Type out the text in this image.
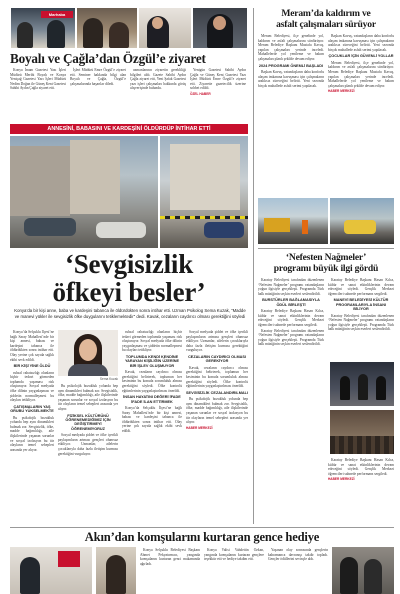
Marhaba
Boyalı ve Çağla’dan Özgül’e ziyaret

Konya İmam Gazetesi Yazı İşleri Müdürü Merihi Boyalı ve Konya Yeniçağ Gazetesi Yazı İşleri Müdürü Nedim Doğan ile Güneş Kent Gazetesi Sahibi Aydın Çağla ziyaret etti.

İşleri Müdürü Emre Özgül’e ziyaret etti. Seminer hakkında bilgi alan Boyalı ve Çağla, Özgül’e çalışmalarında başarılar diledi.

uzmanlarının ziyaretin gerekliliği bilgileri aldı. Gazete Sahibi Aydın Çağla ziyaret etti, Yeni Şafak Gazetesi yazı işleri çalışmaları hakkında görüş alışverişinde bulundu.

Yenigün Gazetesi Sahibi Aydın Çağla ve Güneş Kent Gazetesi Yazı İşleri Müdürü Emre Özgül’e ziyaret etti. Ziyarette gazetecilik üzerine sohbet edildi.

ÖZEL HABER
ANNESİNİ, BABASINI VE KARDEŞİNİ ÖLDÜRDÜP İNTİHAR ETTİ
‘Sevgisizlik
öfkeyi besler’
Konya’da bir kişi anne, baba ve kardeşini tabanca ile öldürdükten sonra intihar etti. Uzman Psikolog Sema Kuzak, “Madde ve manevi yükler ile sevgisizlik öfke duygularını tetiklemektedir” dedi. Kavak, cezaların caydırıcı olması gerektiğini söyledi

Konya’da Selçuklu İlçesi’ne bağlı Saray Mahallesi’nde bir kişi annesi, babası ve kardeşini tabanca ile öldürdükten sonra intihar etti. Olay yerine çok sayıda sağlık ekibi sevk edildi.

BİR KİŞİ YİNE ÖLDÜ

ruhsal rahatsızlığı olanların hiçbir tedavi görmeden toplumda yaşaması risk oluşturuyor. Sosyal medyada öfke dilinin yaygınlaşması ve şiddetin normalleşmesi bu olayları tetikliyor.

ÇATIŞMALARIN YAŞ GRUBU YÜKSELMEKTE

Bu psikolojik bozukluk yolunda hep aynı dinamikleri bulmak zor. Sevgisizlik, öfke, madde bağımlılığı, aile ilişkilerinde yaşanan sorunlar ve sosyal izolasyon bu tür olayların temel sebepleri arasında yer alıyor.

Sema Kuzak

Bu psikolojik bozukluk yolunda hep aynı dinamikleri bulmak zor. Sevgisizlik, öfke, madde bağımlılığı, aile ilişkilerinde yaşanan sorunlar ve sosyal izolasyon bu tür olayların temel sebepleri arasında yer alıyor.

FİZİKSEL KÜLTÜRÜNÜ ÖĞRENEMEDİĞİMİZ İÇİN DEĞİŞTİRMEYİ ÖĞRENEMİYORUZ

Sosyal medyada şiddet ve öfke içerikli paylaşımların artması gençleri olumsuz etkiliyor. Uzmanlar, ailelerin çocuklarıyla daha fazla iletişim kurması gerektiğini vurguluyor.

ruhsal rahatsızlığı olanların hiçbir tedavi görmeden toplumda yaşaması risk oluşturuyor. Sosyal medyada öfke dilinin yaygınlaşması ve şiddetin normalleşmesi bu olayları tetikliyor.

TOPLUMDA KENDİ KENDİNE YARAYAN KİŞİLİĞİN ÜZERİNE BİR İŞLEV OLUŞMUYOR

Kavak, cezaların caydırıcı olması gerektiğini belirterek, toplumun her kesiminin bu konuda sorumluluk alması gerektiğini söyledi. Öfke kontrolü eğitimlerinin yaygınlaştırılması önerildi.

İNSAN HAYATINI DEĞERİ İFADE İFADE İLAN ETTİRMEK

Konya’da Selçuklu İlçesi’ne bağlı Saray Mahallesi’nde bir kişi annesi, babası ve kardeşini tabanca ile öldürdükten sonra intihar etti. Olay yerine çok sayıda sağlık ekibi sevk edildi.

Sosyal medyada şiddet ve öfke içerikli paylaşımların artması gençleri olumsuz etkiliyor. Uzmanlar, ailelerin çocuklarıyla daha fazla iletişim kurması gerektiğini vurguluyor.

CEZALARIN CAYDIRICI OLMASI GEREKİYOR

Kavak, cezaların caydırıcı olması gerektiğini belirterek, toplumun her kesiminin bu konuda sorumluluk alması gerektiğini söyledi. Öfke kontrolü eğitimlerinin yaygınlaştırılması önerildi.

SEVGİSİZLİK CEZALANDIRILMALI

Bu psikolojik bozukluk yolunda hep aynı dinamikleri bulmak zor. Sevgisizlik, öfke, madde bağımlılığı, aile ilişkilerinde yaşanan sorunlar ve sosyal izolasyon bu tür olayların temel sebepleri arasında yer alıyor.

HABER MERKEZİ
Meram’da kaldırım ve
asfalt çalışmaları sürüyor

Meram Belediyesi, ilçe genelinde yol, kaldırım ve asfalt çalışmalarını sürdürüyor. Meram Belediye Başkanı Mustafa Kavuş, yapılan çalışmaları yerinde inceledi. Mahallelerde yol yenileme ve bakım çalışmaları planlı şekilde devam ediyor.

2024 PROGRAMI ÖNEMLİ BAŞLADI

Başkan Kavuş, vatandaşların daha konforlu ulaşım imkanına kavuşması için çalışmaların aralıksız süreceğini belirtti. Yeni sezonda birçok mahallede asfalt serimi yapılacak.

Başkan Kavuş, vatandaşların daha konforlu ulaşım imkanına kavuşması için çalışmaların aralıksız süreceğini belirtti. Yeni sezonda birçok mahallede asfalt serimi yapılacak.

ÇOCUKLAR İÇİN GÜVENLİ YOLLAR

Meram Belediyesi, ilçe genelinde yol, kaldırım ve asfalt çalışmalarını sürdürüyor. Meram Belediye Başkanı Mustafa Kavuş, yapılan çalışmaları yerinde inceledi. Mahallelerde yol yenileme ve bakım çalışmaları planlı şekilde devam ediyor.

HABER MERKEZİ
‘Nefesten Nağmeler’
programı büyük ilgi gördü

Karatay Belediyesi tarafından düzenlenen ‘Nefesten Nağmeler’ programı vatandaşların yoğun ilgisiyle gerçekleşti. Programda Türk halk müziğinin seçkin eserleri seslendirildi.

BURSTÜRLER BAĞLAMASIYLA ÖDÜL BİRLEŞTİ

Karatay Belediye Başkanı Hasan Kılca, kültür ve sanat etkinliklerinin devam edeceğini söyledi. Gençlik Merkezi öğrencileri sahnede performans sergiledi.

Karatay Belediyesi tarafından düzenlenen ‘Nefesten Nağmeler’ programı vatandaşların yoğun ilgisiyle gerçekleşti. Programda Türk halk müziğinin seçkin eserleri seslendirildi.

Karatay Belediye Başkanı Hasan Kılca, kültür ve sanat etkinliklerinin devam edeceğini söyledi. Gençlik Merkezi öğrencileri sahnede performans sergiledi.

MANEVİ BELEDİYESİ KÜLTÜR PROGRAMLARIYLA İNSANI BİLİYOR

Karatay Belediyesi tarafından düzenlenen ‘Nefesten Nağmeler’ programı vatandaşların yoğun ilgisiyle gerçekleşti. Programda Türk halk müziğinin seçkin eserleri seslendirildi.

Karatay Belediye Başkanı Hasan Kılca, kültür ve sanat etkinliklerinin devam edeceğini söyledi. Gençlik Merkezi öğrencileri sahnede performans sergiledi.

HABER MERKEZİ
Akın’dan komşularını kurtaran gence hediye

Konya Selçuklu Belediyesi Başkanı Ahmet Pekyatırmacı, yangında komşularını kurtaran genci makamında ağırladı.

Konya Valisi Vahdettin Özkan, yangında komşularını kurtaran gençlere teşekkür etti ve hediye takdim etti.

Yaşanan olay sonrasında gençlerin kahramanca davranışı takdir topladı. Gençler ödüllerini sevinçle aldı.
